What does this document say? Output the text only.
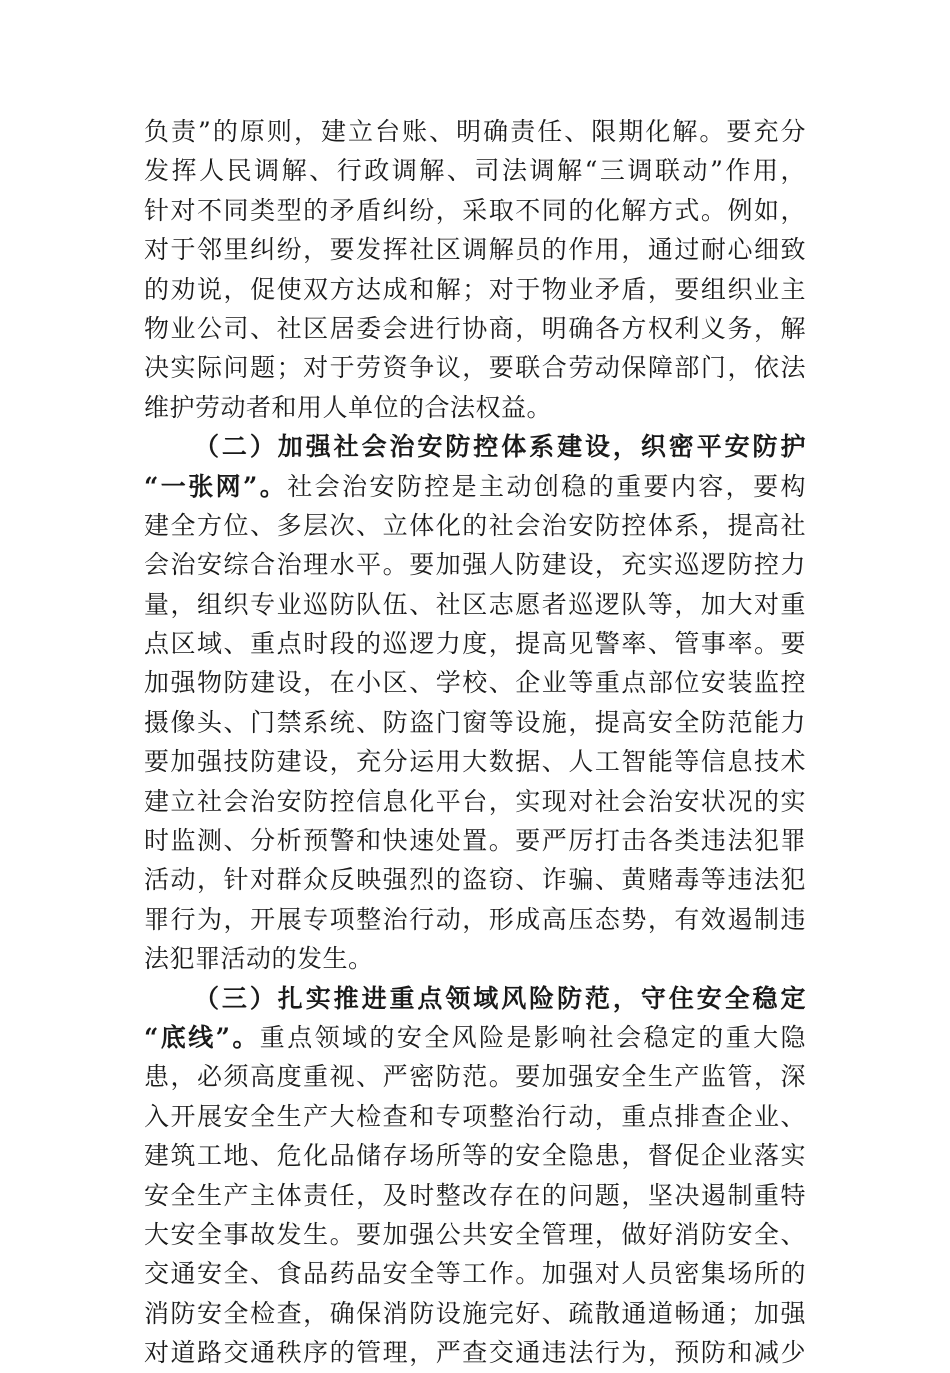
负责”的原则，建立台账、明确责任、限期化解。要充分
发挥人民调解、行政调解、司法调解“三调联动”作用，
针对不同类型的矛盾纠纷，采取不同的化解方式。例如，
对于邻里纠纷，要发挥社区调解员的作用，通过耐心细致
的劝说，促使双方达成和解；对于物业矛盾，要组织业主
物业公司、社区居委会进行协商，明确各方权利义务，解
决实际问题；对于劳资争议，要联合劳动保障部门，依法
维护劳动者和用人单位的合法权益。
（二）加强社会治安防控体系建设，织密平安防护
“一张网”。社会治安防控是主动创稳的重要内容，要构
建全方位、多层次、立体化的社会治安防控体系，提高社
会治安综合治理水平。要加强人防建设，充实巡逻防控力
量，组织专业巡防队伍、社区志愿者巡逻队等，加大对重
点区域、重点时段的巡逻力度，提高见警率、管事率。要
加强物防建设，在小区、学校、企业等重点部位安装监控
摄像头、门禁系统、防盗门窗等设施，提高安全防范能力
要加强技防建设，充分运用大数据、人工智能等信息技术
建立社会治安防控信息化平台，实现对社会治安状况的实
时监测、分析预警和快速处置。要严厉打击各类违法犯罪
活动，针对群众反映强烈的盗窃、诈骗、黄赌毒等违法犯
罪行为，开展专项整治行动，形成高压态势，有效遏制违
法犯罪活动的发生。
（三）扎实推进重点领域风险防范，守住安全稳定
“底线”。重点领域的安全风险是影响社会稳定的重大隐
患，必须高度重视、严密防范。要加强安全生产监管，深
入开展安全生产大检查和专项整治行动，重点排查企业、
建筑工地、危化品储存场所等的安全隐患，督促企业落实
安全生产主体责任，及时整改存在的问题，坚决遏制重特
大安全事故发生。要加强公共安全管理，做好消防安全、
交通安全、食品药品安全等工作。加强对人员密集场所的
消防安全检查，确保消防设施完好、疏散通道畅通；加强
对道路交通秩序的管理，严查交通违法行为，预防和减少
